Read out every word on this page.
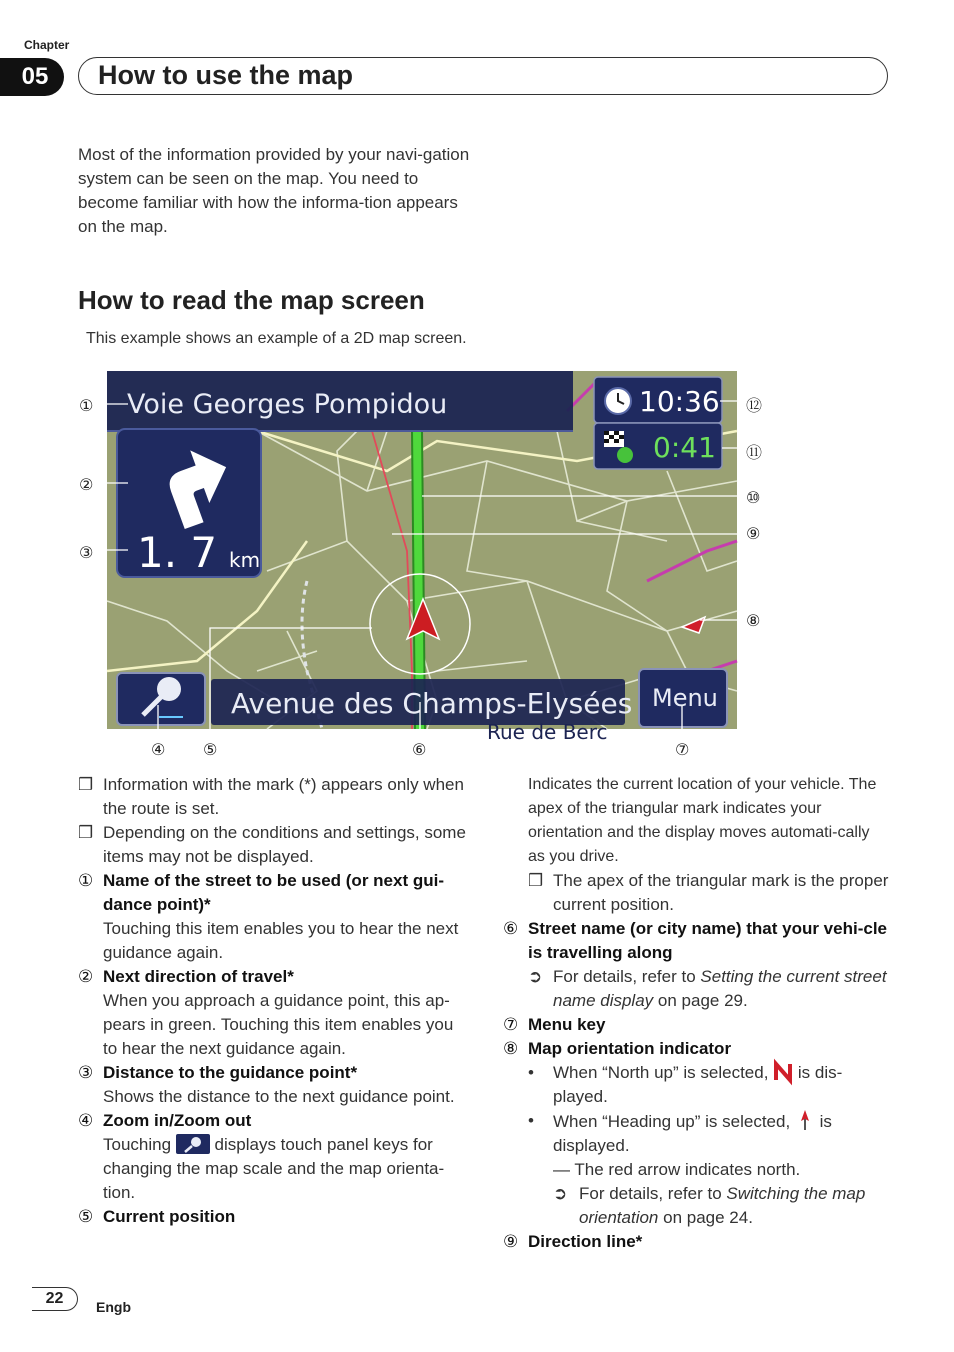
Chapter
05	How to use the map
Most of the information provided by your navi-gation system can be seen on the map. You need to become familiar with how the informa-tion appears on the map.
How to read the map screen
This example shows an example of a 2D map screen.
Voie Georges Pompidou
1. 7 km
10:36
0:41
Avenue des Champs-Elysées
Rue de Berc
Menu
①
②
③
④ ⑤	⑥	⑦
⑧
⑨
⑩
⑪
⑫
❒ Information with the mark (*) appears only when the route is set.
❒ Depending on the conditions and settings, some items may not be displayed.
① Name of the street to be used (or next gui-dance point)*
Touching this item enables you to hear the next guidance again.
② Next direction of travel*
When you approach a guidance point, this ap-pears in green. Touching this item enables you to hear the next guidance again.
③ Distance to the guidance point*
Shows the distance to the next guidance point.
④ Zoom in/Zoom out
Touching	displays touch panel keys for changing the map scale and the map orienta-tion.
⑤ Current position
Indicates the current location of your vehicle. The apex of the triangular mark indicates your orientation and the display moves automati-cally as you drive.
❒ The apex of the triangular mark is the proper current position.
⑥ Street name (or city name) that your vehi-cle is travelling along
➲ For details, refer to Setting the current street name display on page 29.
⑦ Menu key
⑧ Map orientation indicator
• When “North up” is selected, is dis-played.
• When “Heading up” is selected, is displayed.
— The red arrow indicates north.
➲ For details, refer to Switching the map orientation on page 24.
⑨ Direction line*
22	Engb
